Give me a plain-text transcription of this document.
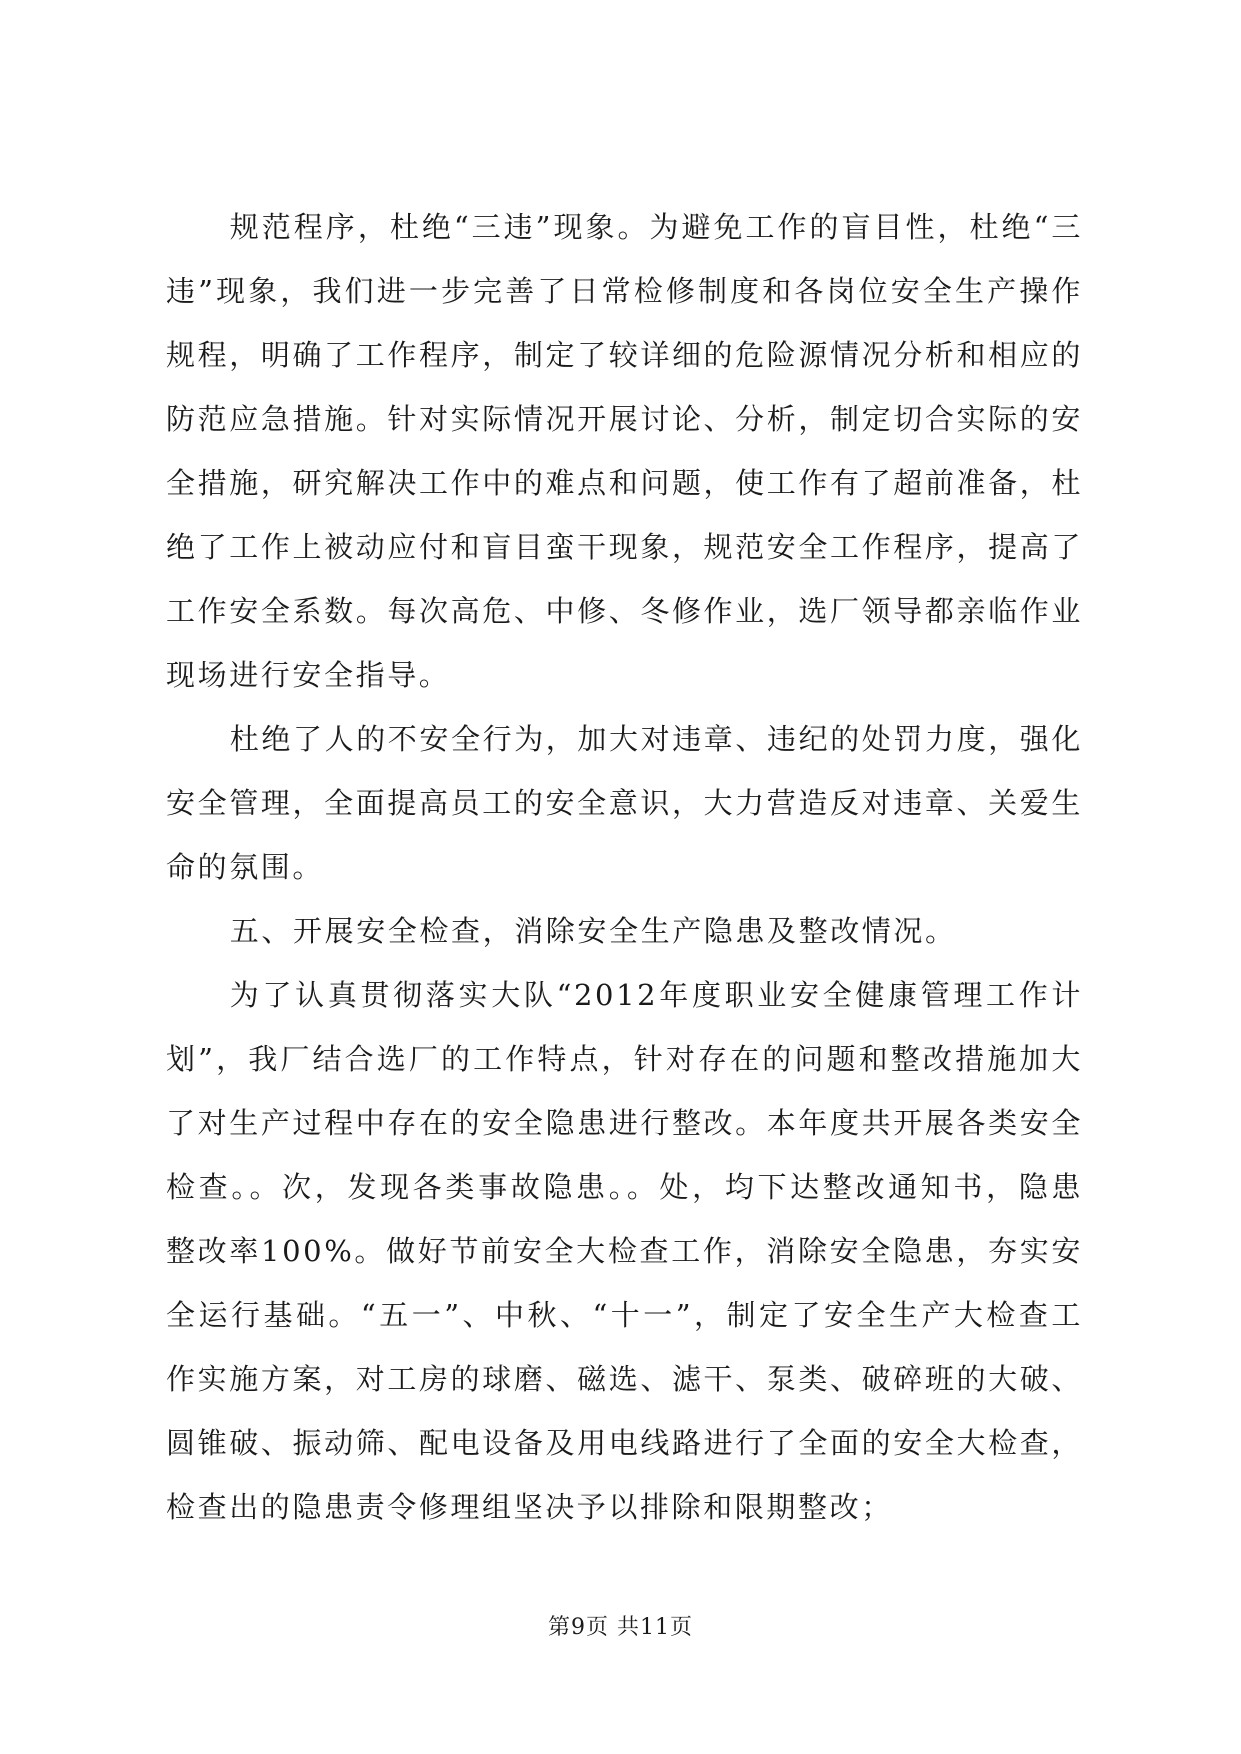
规范程序，杜绝“三违”现象。为避免工作的盲目性，杜绝“三违”现象，我们进一步完善了日常检修制度和各岗位安全生产操作规程，明确了工作程序，制定了较详细的危险源情况分析和相应的防范应急措施。针对实际情况开展讨论、分析，制定切合实际的安全措施，研究解决工作中的难点和问题，使工作有了超前准备，杜绝了工作上被动应付和盲目蛮干现象，规范安全工作程序，提高了工作安全系数。每次高危、中修、冬修作业，选厂领导都亲临作业现场进行安全指导。

杜绝了人的不安全行为，加大对违章、违纪的处罚力度，强化安全管理，全面提高员工的安全意识，大力营造反对违章、关爱生命的氛围。

五、开展安全检查，消除安全生产隐患及整改情况。

为了认真贯彻落实大队“2012年度职业安全健康管理工作计划”，我厂结合选厂的工作特点，针对存在的问题和整改措施加大了对生产过程中存在的安全隐患进行整改。本年度共开展各类安全检查。。次，发现各类事故隐患。。处，均下达整改通知书，隐患整改率100%。做好节前安全大检查工作，消除安全隐患，夯实安全运行基础。“五一”、中秋、“十一”，制定了安全生产大检查工作实施方案，对工房的球磨、磁选、滤干、泵类、破碎班的大破、圆锥破、振动筛、配电设备及用电线路进行了全面的安全大检查，检查出的隐患责令修理组坚决予以排除和限期整改；

第9页 共11页
